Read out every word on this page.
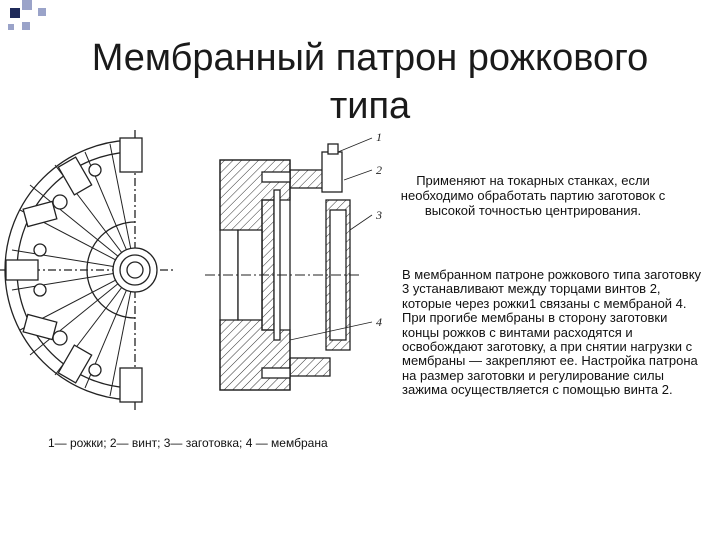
Мембранный патрон рожкового
типа
1
2
3
4
1— рожки; 2— винт; 3— заготовка; 4 — мембрана
Применяют на токарных станках, если необходимо обработать партию заготовок с высокой точностью центрирования.
В мембранном патроне рожкового типа заготовку 3 устанавливают между торцами винтов 2, которые через рожки1 связаны с мембраной 4. При прогибе мембраны в сторону заготовки концы рожков с винтами расходятся и освобождают заготовку, а при снятии нагрузки с мембраны — закрепляют ее. Настройка патрона на размер заготовки и регулирование силы зажима осуществляется с помощью винта 2.
